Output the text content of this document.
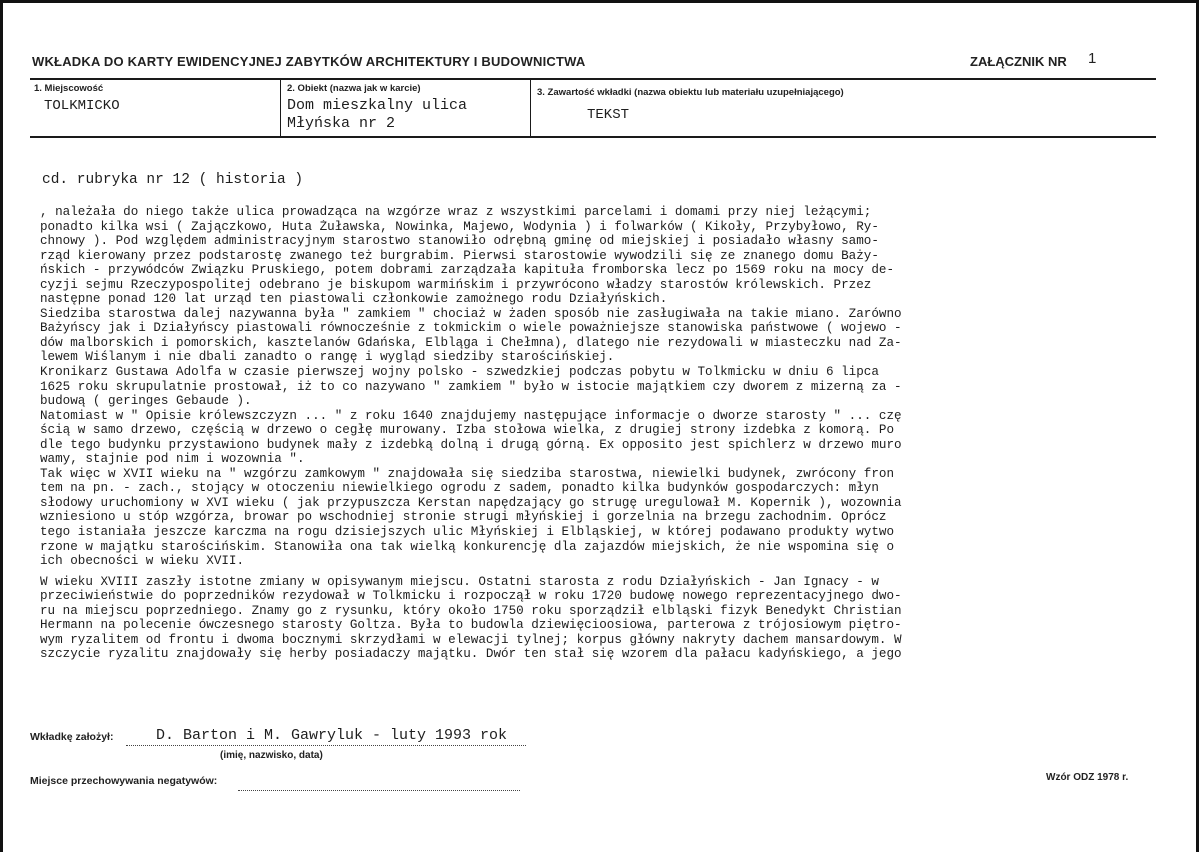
WKŁADKA DO KARTY EWIDENCYJNEJ ZABYTKÓW ARCHITEKTURY I BUDOWNICTWA	ZAŁĄCZNIK NR 1
1. Miejscowość
TOLKMICKO
2. Obiekt (nazwa jak w karcie)
Dom mieszkalny ulica
Młyńska nr 2
3. Zawartość wkładki (nazwa obiektu lub materiału uzupełniającego)
TEKST
cd. rubryka nr 12 ( historia )
, należała do niego także ulica prowadząca na wzgórze wraz z wszystkimi parcelami i domami przy niej leżącymi;
ponadto kilka wsi ( Zajączkowo, Huta Żuławska, Nowinka, Majewo, Wodynia ) i folwarków ( Kikoły, Przybyłowo, Ry-
chnowy ). Pod względem administracyjnym starostwo stanowiło odrębną gminę od miejskiej i posiadało własny samo-
rząd kierowany przez podstarostę zwanego też burgrabim. Pierwsi starostowie wywodzili się ze znanego domu Baży-
ńskich - przywódców Związku Pruskiego, potem dobrami zarządzała kapituła fromborska lecz po 1569 roku na mocy de-
cyzji sejmu Rzeczypospolitej odebrano je biskupom warmińskim i przywrócono władzy starostów królewskich. Przez
następne ponad 120 lat urząd ten piastowali członkowie zamożnego rodu Działyńskich.
Siedziba starostwa dalej nazywanna była " zamkiem " chociaż w żaden sposób nie zasługiwała na takie miano. Zarówno
Bażyńscy jak i Działyńscy piastowali równocześnie z tokmickim o wiele poważniejsze stanowiska państwowe ( wojewo -
dów malborskich i pomorskich, kasztelanów Gdańska, Elbląga i Chełmna), dlatego nie rezydowali w miasteczku nad Za-
lewem Wiślanym i nie dbali zanadto o rangę i wygląd siedziby starościńskiej.
Kronikarz Gustawa Adolfa w czasie pierwszej wojny polsko - szwedzkiej podczas pobytu w Tolkmicku w dniu 6 lipca
1625 roku skrupulatnie prostował, iż to co nazywano " zamkiem " było w istocie majątkiem czy dworem z mizerną za -
budową ( geringes Gebaude ).
Natomiast w " Opisie królewszczyzn ... " z roku 1640 znajdujemy następujące informacje o dworze starosty " ... czę
ścią w samo drzewo, częścią w drzewo o cegłę murowany. Izba stołowa wielka, z drugiej strony izdebka z komorą. Po
dle tego budynku przystawiono budynek mały z izdebką dolną i drugą górną. Ex opposito jest spichlerz w drzewo muro
wamy, stajnie pod nim i wozownia ".
Tak więc w XVII wieku na " wzgórzu zamkowym " znajdowała się siedziba starostwa, niewielki budynek, zwrócony fron
tem na pn. - zach., stojący w otoczeniu niewielkiego ogrodu z sadem, ponadto kilka budynków gospodarczych: młyn
słodowy uruchomiony w XVI wieku ( jak przypuszcza Kerstan napędzający go strugę uregulował M. Kopernik ), wozownia
wzniesiono u stóp wzgórza, browar po wschodniej stronie strugi młyńskiej i gorzelnia na brzegu zachodnim. Oprócz
tego istaniała jeszcze karczma na rogu dzisiejszych ulic Młyńskiej i Elbląskiej, w której podawano produkty wytwo
rzone w majątku starościńskim. Stanowiła ona tak wielką konkurencję dla zajazdów miejskich, że nie wspomina się o
ich obecności w wieku XVII.
W wieku XVIII zaszły istotne zmiany w opisywanym miejscu. Ostatni starosta z rodu Działyńskich - Jan Ignacy - w
przeciwieństwie do poprzedników rezydował w Tolkmicku i rozpoczął w roku 1720 budowę nowego reprezentacyjnego dwo-
ru na miejscu poprzedniego. Znamy go z rysunku, który około 1750 roku sporządził elbląski fizyk Benedykt Christian
Hermann na polecenie ówczesnego starosty Goltza. Była to budowla dziewięcioosiowa, parterowa z trójosiowym piętro-
wym ryzalitem od frontu i dwoma bocznymi skrzydłami w elewacji tylnej; korpus główny nakryty dachem mansardowym. W
szczycie ryzalitu znajdowały się herby posiadaczy majątku. Dwór ten stał się wzorem dla pałacu kadyńskiego, a jego
Wkładkę założył:	D. Barton i M. Gawryluk - luty 1993 rok
(imię, nazwisko, data)
Miejsce przechowywania negatywów:	Wzór ODZ 1978 r.
